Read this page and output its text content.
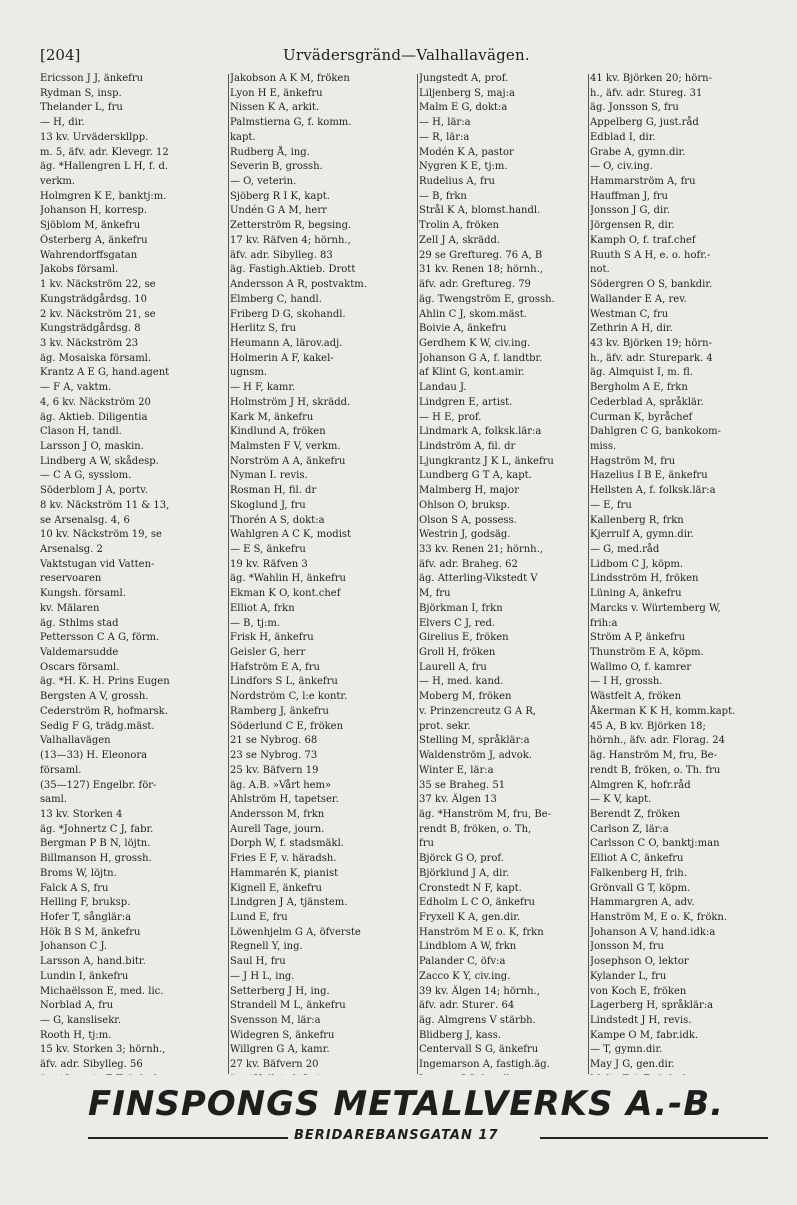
[204]	Urvädersgränd—Valhallavägen.
Ericsson J J, änkefru
Rydman S, insp.
Thelander L, fru
— H, dir.
13 kv. Urväderskllpp.
m. 5, äfv. adr. Klevegr. 12
äg. *Hallengren L H, f. d.
verkm.
Holmgren K E, banktj:m.
Johanson H, korresp.
Sjöblom M, änkefru
Österberg A, änkefru
Wahrendorffsgatan
Jakobs församl.
1 kv. Näckström 22, se
Kungsträdgårdsg. 10
2 kv. Näckström 21, se
Kungsträdgårdsg. 8
3 kv. Näckström 23
äg. Mosaiska församl.
Krantz A E G, hand.agent
— F A, vaktm.
4, 6 kv. Näckström 20
äg. Aktieb. Diligentia
Clason H, tandl.
Larsson J O, maskin.
Lindberg A W, skådesp.
— C A G, sysslom.
Söderblom J A, portv.
8 kv. Näckström 11 & 13,
se Arsenalsg. 4, 6
10 kv. Näckström 19, se
Arsenalsg. 2
Vaktstugan vid Vatten-
reservoaren
Kungsh. församl.
kv. Mälaren
äg. Sthlms stad
Pettersson C A G, förm.
Valdemarsudde
Oscars församl.
äg. *H. K. H. Prins Eugen
Bergsten A V, grossh.
Cederström R, hofmarsk.
Sedig F G, trädg.mäst.
Valhallavägen
(13—33) H. Eleonora
församl.
(35—127) Engelbr. för-
saml.
13 kv. Storken 4
äg. *Johnertz C J, fabr.
Bergman P B N, löjtn.
Billmanson H, grossh.
Broms W, löjtn.
Falck A S, fru
Helling F, bruksp.
Hofer T, sånglär:a
Hök B S M, änkefru
Johanson C J.
Larsson A, hand.bitr.
Lundin I, änkefru
Michaëlsson E, med. lic.
Norblad A, fru
— G, kanslisekr.
Rooth H, tj:m.
15 kv. Storken 3; hörnh.,
äfv. adr. Sibylleg. 56
Jakobson A K M, fröken
Lyon H E, änkefru
Nissen K A, arkit.
Palmstierna G, f. komm.
kapt.
Rudberg Å, ing.
Severin B, grossh.
— O, veterin.
Sjöberg R I K, kapt.
Undén G A M, herr
Zetterström R, begsing.
17 kv. Räfven 4; hörnh.,
äfv. adr. Sibylleg. 83
äg. Fastigh.Aktieb. Drott
Andersson A R, postvaktm.
Elmberg C, handl.
Friberg D G, skohandl.
Herlitz S, fru
Heumann A, lärov.adj.
Holmerin A F, kakel-
ugnsm.
— H F, kamr.
Holmström J H, skrädd.
Kark M, änkefru
Kindlund A, fröken
Malmsten F V, verkm.
Norström A A, änkefru
Nyman I. revis.
Rosman H, fil. dr
Skoglund J, fru
Thorén A S, dokt:a
Wahlgren A C K, modist
— E S, änkefru
19 kv. Räfven 3
äg. *Wahlin H, änkefru
Ekman K O, kont.chef
Elliot A, frkn
— B, tj:m.
Frisk H, änkefru
Geisler G, herr
Hafström E A, fru
Lindfors S L, änkefru
Nordström C, l:e kontr.
Ramberg J, änkefru
Söderlund C E, fröken
21 se Nybrog. 68
23 se Nybrog. 73
25 kv. Bäfvern 19
äg. A.B. »Vårt hem»
Ahlström H, tapetser.
Andersson M, frkn
Aurell Tage, journ.
Dorph W, f. stadsmäkl.
Fries E F, v. häradsh.
Hammarén K, pianist
Kignell E, änkefru
Lindgren J A, tjänstem.
Lund E, fru
Löwenhjelm G A, öfverste
Regnell Y, ing.
Saul H, fru
— J H L, ing.
Setterberg J H, ing.
Strandell M L, änkefru
Svensson M, lär:a
Widegren S, änkefru
Willgren G A, kamr.
27 kv. Bäfvern 20
Jungstedt A, prof.
Liljenberg S, maj:a
Malm E G, dokt:a
— H, lär:a
— R, lär:a
Modén K A, pastor
Nygren K E, tj:m.
Rudelius A, fru
— B, frkn
Strål K A, blomst.handl.
Trolin A, fröken
Zell J A, skrädd.
29 se Greftureg. 76 A, B
31 kv. Renen 18; hörnh.,
äfv. adr. Greftureg. 79
äg. Twengström E, grossh.
Ahlin C J, skom.mäst.
Boivie A, änkefru
Gerdhem K W, civ.ing.
Johanson G A, f. landtbr.
af Klint G, kont.amir.
Landau J.
Lindgren E, artist.
— H E, prof.
Lindmark A, folksk.lär:a
Lindström A, fil. dr
Ljungkrantz J K L, änkefru
Lundberg G T A, kapt.
Malmberg H, major
Ohlson O, bruksp.
Olson S A, possess.
Westrin J, godsäg.
33 kv. Renen 21; hörnh.,
äfv. adr. Braheg. 62
äg. Atterling-Vikstedt V
M, fru
Björkman I, frkn
Elvers C J, red.
Girelius E, fröken
Groll H, fröken
Laurell A, fru
— H, med. kand.
Moberg M, fröken
v. Prinzencreutz G A R,
prot. sekr.
Stelling M, språklär:a
Waldenström J, advok.
Winter E, lär:a
35 se Braheg. 51
37 kv. Älgen 13
äg. *Hanström M, fru, Be-
rendt B, fröken, o. Th,
fru
Björck G O, prof.
Björklund J A, dir.
Cronstedt N F, kapt.
Edholm L C O, änkefru
Fryxell K A, gen.dir.
Hanström M E o. K, frkn
Lindblom A W, frkn
Palander C, öfv:a
Zacco K Y, civ.ing.
39 kv. Älgen 14; hörnh.,
äfv. adr. Sturег. 64
äg. Almgrens V stärbh.
Blidberg J, kass.
Centervall S G, änkefru
Ingemarson A, fastigh.äg.
41 kv. Björken 20; hörn-
h., äfv. adr. Stureg. 31
äg. Jonsson S, fru
Appelberg G, just.råd
Edblad I, dir.
Grabe A, gymn.dir.
— O, civ.ing.
Hammarström A, fru
Hauffman J, fru
Jonsson J G, dir.
Jörgensen R, dir.
Kamph O, f. traf.chef
Ruuth S A H, e. o. hofr.-
not.
Södergren O S, bankdir.
Wallander E A, rev.
Westman C, fru
Zethrin A H, dir.
43 kv. Björken 19; hörn-
h., äfv. adr. Sturepark. 4
äg. Almquist I, m. fl.
Bergholm A E, frkn
Cederblad A, språklär.
Curman K, byråchef
Dahlgren C G, bankokom-
miss.
Hagström M, fru
Hazelius I B E, änkefru
Hellsten A, f. folksk.lär:a
— E, fru
Kallenberg R, frkn
Kjerrulf A, gymn.dir.
— G, med.råd
Lidbom C J, köpm.
Lindsström H, fröken
Lüning A, änkefru
Marcks v. Würtemberg W,
frih:a
Ström A P, änkefru
Thunström E A, köpm.
Wallmo O, f. kamrer
— I H, grossh.
Wästfelt A, fröken
Åkerman K K H, komm.kapt.
45 A, B kv. Björken 18;
hörnh., äfv. adr. Florag. 24
äg. Hanström M, fru, Be-
rendt B, fröken, o. Th. fru
Almgren K, hofr.råd
— K V, kapt.
Berendt Z, fröken
Carlson Z, lär:a
Carlsson C O, banktj:man
Elliot A C, änkefru
Falkenberg H, frih.
Grönvall G T, köpm.
Hammargren A, adv.
Hanström M, E o. K, frökn.
Johanson A V, hand.idk:a
Jonsson M, fru
Josephson O, lektor
Kylander L, fru
von Koch E, fröken
Lagerberg H, språklär:a
Lindstedt J H, revis.
Kampe O M, fabr.idk.
— T, gymn.dir.
May J G, gen.dir.
FINSPONGS METALLVERKS A.-B.
BERIDAREBANSGATAN 17
